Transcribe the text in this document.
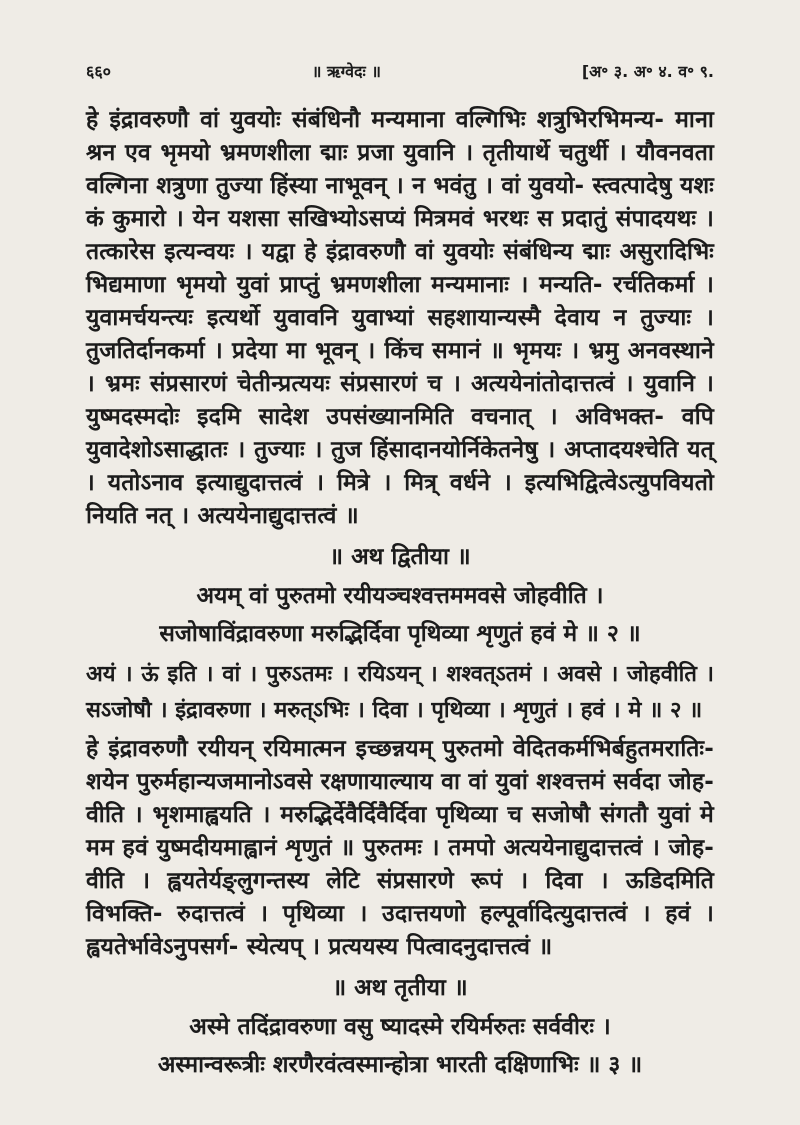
६६०	॥ ऋग्वेदः ॥	[अ॰ ३. अ॰ ४. व॰ ९.

हे इंद्रावरुणौ वां युवयोः संबंधिनौ मन्यमाना वल्गिभिः शत्रुभिरभिमन्य- माना श्रन एव भृमयो भ्रमणशीला द्माः प्रजा युवानि । तृतीयार्थे चतुर्थी । यौवनवता वल्गिना शत्रुणा तुज्या हिंस्या नाभूवन् । न भवंतु । वां युवयो- स्त्वत्पादेषु यशः कं कुमारो । येन यशसा सखिभ्योऽसप्यं मित्रमवं भरथः स प्रदातुं संपादयथः । तत्कारेस इत्यन्वयः । यद्वा हे इंद्रावरुणौ वां युवयोः संबंधिन्य द्माः असुरादिभिः भिद्यमाणा भृमयो युवां प्राप्तुं भ्रमणशीला मन्यमानाः । मन्यति- रर्चतिकर्मा । युवामर्चयन्त्यः इत्यर्थो युवावनि युवाभ्यां सहशायान्यस्मै देवाय न तुज्याः । तुजतिर्दानकर्मा । प्रदेया मा भूवन् । किंच समानं ॥ भृमयः । भ्रमु अनवस्थाने । भ्रमः संप्रसारणं चेतीन्प्रत्ययः संप्रसारणं च । अत्ययेनांतोदात्तत्वं । युवानि । युष्मदस्मदोः इदमि सादेश उपसंख्यानमिति वचनात् । अविभक्त- वपि युवादेशोऽसाद्धातः । तुज्याः । तुज हिंसादानयोर्निकेतनेषु । अप्तादयश्चेति यत् । यतोऽनाव इत्याद्युदात्तत्वं । मित्रे । मित्र् वर्धने । इत्यभिद्वित्वेऽत्युपवियतो नियति नत् । अत्ययेनाद्युदात्तत्वं ॥

॥ अथ द्वितीया ॥

अयम् वां पुरुतमो रयीयञ्चश्वत्तममवसे जोहवीति ।

सजोषाविंद्रावरुणा मरुद्भिर्दिवा पृथिव्या शृणुतं हवं मे ॥ २ ॥

अयं । ऊं इति । वां । पुरुऽतमः । रयिऽयन् । शश्वत्ऽतमं । अवसे । जोहवीति । सऽजोषौ । इंद्रावरुणा । मरुत्ऽभिः । दिवा । पृथिव्या । शृणुतं । हवं । मे ॥ २ ॥

हे इंद्रावरुणौ रयीयन् रयिमात्मन इच्छन्नयम् पुरुतमो वेदितकर्मभिर्बहुतमरातिः- शयेन पुरुर्महान्यजमानोऽवसे रक्षणायाल्याय वा वां युवां शश्वत्तमं सर्वदा जोह- वीति । भृशमाह्वयति । मरुद्भिर्देवैर्दिवैर्दिवा पृथिव्या च सजोषौ संगतौ युवां मे मम हवं युष्मदीयमाह्वानं शृणुतं ॥ पुरुतमः । तमपो अत्ययेनाद्युदात्तत्वं । जोह- वीति । ह्वयतेर्यङ्लुगन्तस्य लेटि संप्रसारणे रूपं । दिवा । ऊडिदमिति विभक्ति- रुदात्तत्वं । पृथिव्या । उदात्तयणो हल्पूर्वादित्युदात्तत्वं । हवं । ह्वयतेर्भावेऽनुपसर्ग- स्येत्यप् । प्रत्ययस्य पित्वादनुदात्तत्वं ॥

॥ अथ तृतीया ॥

अस्मे तदिंद्रावरुणा वसु ष्यादस्मे रयिर्मरुतः सर्ववीरः ।

अस्मान्वरूत्रीः शरणैरवंत्वस्मान्होत्रा भारती दक्षिणाभिः ॥ ३ ॥
